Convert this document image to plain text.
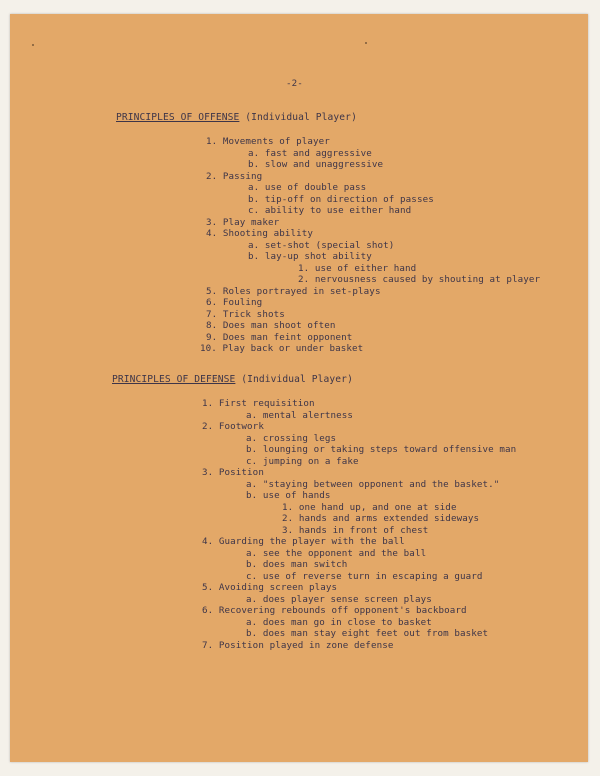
-2-
PRINCIPLES OF OFFENSE (Individual Player)
1. Movements of player
a. fast and aggressive
b. slow and unaggressive
2. Passing
a. use of double pass
b. tip-off on direction of passes
c. ability to use either hand
3. Play maker
4. Shooting ability
a. set-shot (special shot)
b. lay-up shot ability
1. use of either hand
2. nervousness caused by shouting at player
5. Roles portrayed in set-plays
6. Fouling
7. Trick shots
8. Does man shoot often
9. Does man feint opponent
10. Play back or under basket
PRINCIPLES OF DEFENSE (Individual Player)
1. First requisition
a. mental alertness
2. Footwork
a. crossing legs
b. lounging or taking steps toward offensive man
c. jumping on a fake
3. Position
a. "staying between opponent and the basket."
b. use of hands
1. one hand up, and one at side
2. hands and arms extended sideways
3. hands in front of chest
4. Guarding the player with the ball
a. see the opponent and the ball
b. does man switch
c. use of reverse turn in escaping a guard
5. Avoiding screen plays
a. does player sense screen plays
6. Recovering rebounds off opponent's backboard
a. does man go in close to basket
b. does man stay eight feet out from basket
7. Position played in zone defense
